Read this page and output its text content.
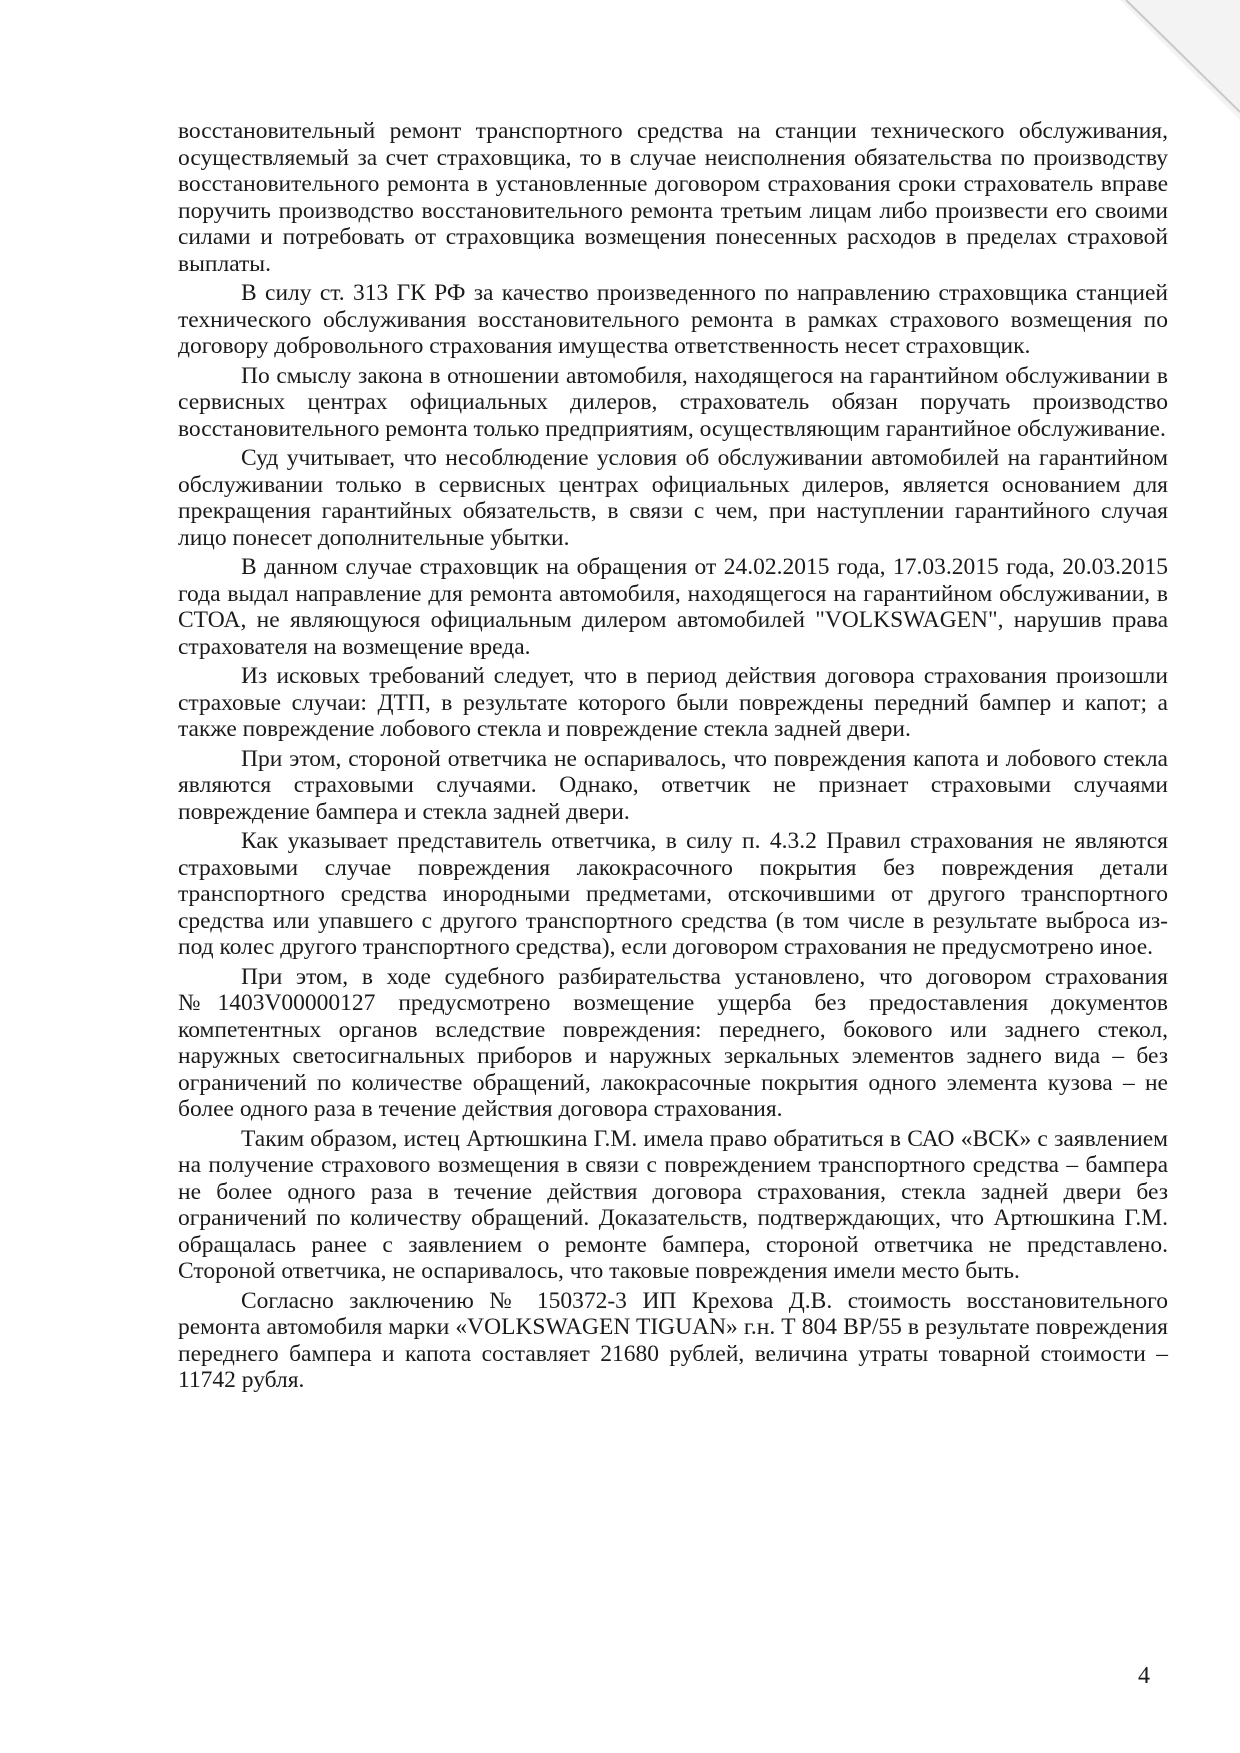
восстановительный ремонт транспортного средства на станции технического обслуживания, осуществляемый за счет страховщика, то в случае неисполнения обязательства по производству восстановительного ремонта в установленные договором страхования сроки страхователь вправе поручить производство восстановительного ремонта третьим лицам либо произвести его своими силами и потребовать от страховщика возмещения понесенных расходов в пределах страховой выплаты.

В силу ст. 313 ГК РФ за качество произведенного по направлению страховщика станцией технического обслуживания восстановительного ремонта в рамках страхового возмещения по договору добровольного страхования имущества ответственность несет страховщик.

По смыслу закона в отношении автомобиля, находящегося на гарантийном обслуживании в сервисных центрах официальных дилеров, страхователь обязан поручать производство восстановительного ремонта только предприятиям, осуществляющим гарантийное обслуживание.

Суд учитывает, что несоблюдение условия об обслуживании автомобилей на гарантийном обслуживании только в сервисных центрах официальных дилеров, является основанием для прекращения гарантийных обязательств, в связи с чем, при наступлении гарантийного случая лицо понесет дополнительные убытки.

В данном случае страховщик на обращения от 24.02.2015 года, 17.03.2015 года, 20.03.2015 года выдал направление для ремонта автомобиля, находящегося на гарантийном обслуживании, в СТОА, не являющуюся официальным дилером автомобилей "VOLKSWAGEN", нарушив права страхователя на возмещение вреда.

Из исковых требований следует, что в период действия договора страхования произошли страховые случаи: ДТП, в результате которого были повреждены передний бампер и капот; а также повреждение лобового стекла и повреждение стекла задней двери.

При этом, стороной ответчика не оспаривалось, что повреждения капота и лобового стекла являются страховыми случаями. Однако, ответчик не признает страховыми случаями повреждение бампера и стекла задней двери.

Как указывает представитель ответчика, в силу п. 4.3.2 Правил страхования не являются страховыми случае повреждения лакокрасочного покрытия без повреждения детали транспортного средства инородными предметами, отскочившими от другого транспортного средства или упавшего с другого транспортного средства (в том числе в результате выброса из-под колес другого транспортного средства), если договором страхования не предусмотрено иное.

При этом, в ходе судебного разбирательства установлено, что договором страхования №1403V00000127 предусмотрено возмещение ущерба без предоставления документов компетентных органов вследствие повреждения: переднего, бокового или заднего стекол, наружных светосигнальных приборов и наружных зеркальных элементов заднего вида – без ограничений по количестве обращений, лакокрасочные покрытия одного элемента кузова – не более одного раза в течение действия договора страхования.

Таким образом, истец Артюшкина Г.М. имела право обратиться в САО «ВСК» с заявлением на получение страхового возмещения в связи с повреждением транспортного средства – бампера не более одного раза в течение действия договора страхования, стекла задней двери без ограничений по количеству обращений. Доказательств, подтверждающих, что Артюшкина Г.М. обращалась ранее с заявлением о ремонте бампера, стороной ответчика не представлено. Стороной ответчика, не оспаривалось, что таковые повреждения имели место быть.

Согласно заключению № 150372-3 ИП Крехова Д.В. стоимость восстановительного ремонта автомобиля марки «VOLKSWAGEN TIGUAN» г.н. Т 804 ВР/55 в результате повреждения переднего бампера и капота составляет 21680 рублей, величина утраты товарной стоимости – 11742 рубля.

4
